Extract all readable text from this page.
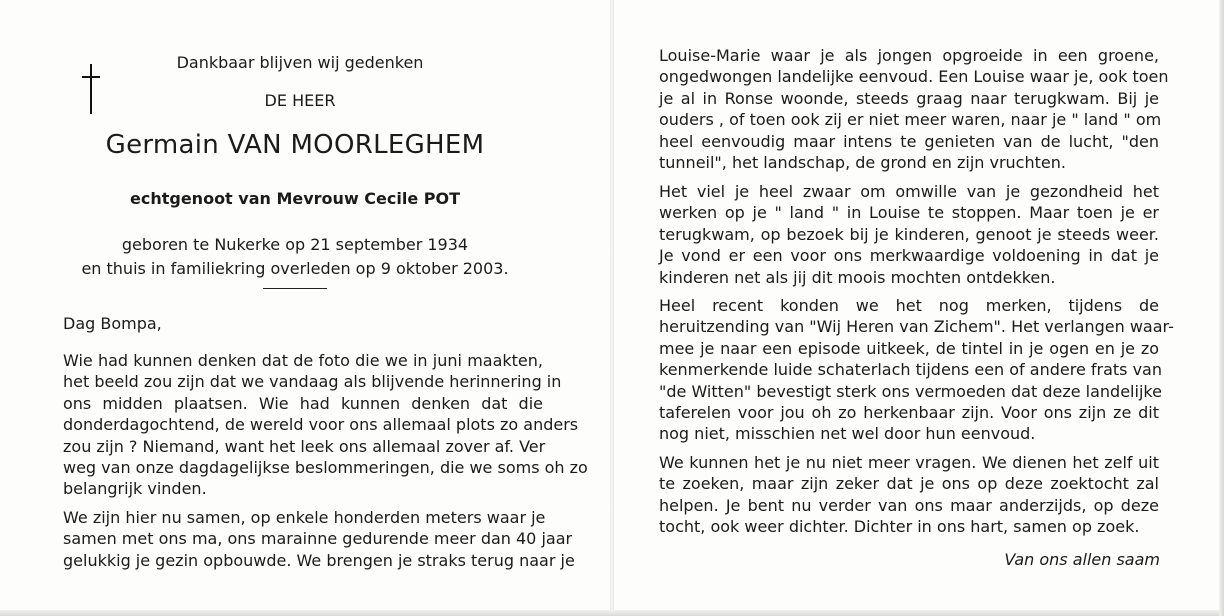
Dankbaar blijven wij gedenken

DE HEER

Germain VAN MOORLEGHEM

echtgenoot van Mevrouw Cecile POT

geboren te Nukerke op 21 september 1934
en thuis in familiekring overleden op 9 oktober 2003.

Dag Bompa,

Wie had kunnen denken dat de foto die we in juni maakten,
het beeld zou zijn dat we vandaag als blijvende herinnering in
ons midden plaatsen. Wie had kunnen denken dat die
donderdagochtend, de wereld voor ons allemaal plots zo anders
zou zijn ? Niemand, want het leek ons allemaal zover af. Ver
weg van onze dagdagelijkse beslommeringen, die we soms oh zo
belangrijk vinden.
We zijn hier nu samen, op enkele honderden meters waar je
samen met ons ma, ons marainne gedurende meer dan 40 jaar
gelukkig je gezin opbouwde. We brengen je straks terug naar je
Louise-Marie waar je als jongen opgroeide in een groene,
ongedwongen landelijke eenvoud. Een Louise waar je, ook toen
je al in Ronse woonde, steeds graag naar terugkwam. Bij je
ouders , of toen ook zij er niet meer waren, naar je " land " om
heel eenvoudig maar intens te genieten van de lucht, "den
tunneil", het landschap, de grond en zijn vruchten.
Het viel je heel zwaar om omwille van je gezondheid het
werken op je " land " in Louise te stoppen. Maar toen je er
terugkwam, op bezoek bij je kinderen, genoot je steeds weer.
Je vond er een voor ons merkwaardige voldoening in dat je
kinderen net als jij dit moois mochten ontdekken.
Heel recent konden we het nog merken, tijdens de
heruitzending van "Wij Heren van Zichem". Het verlangen waar-
mee je naar een episode uitkeek, de tintel in je ogen en je zo
kenmerkende luide schaterlach tijdens een of andere frats van
"de Witten" bevestigt sterk ons vermoeden dat deze landelijke
taferelen voor jou oh zo herkenbaar zijn. Voor ons zijn ze dit
nog niet, misschien net wel door hun eenvoud.
We kunnen het je nu niet meer vragen. We dienen het zelf uit
te zoeken, maar zijn zeker dat je ons op deze zoektocht zal
helpen. Je bent nu verder van ons maar anderzijds, op deze
tocht, ook weer dichter. Dichter in ons hart, samen op zoek.

Van ons allen saam
